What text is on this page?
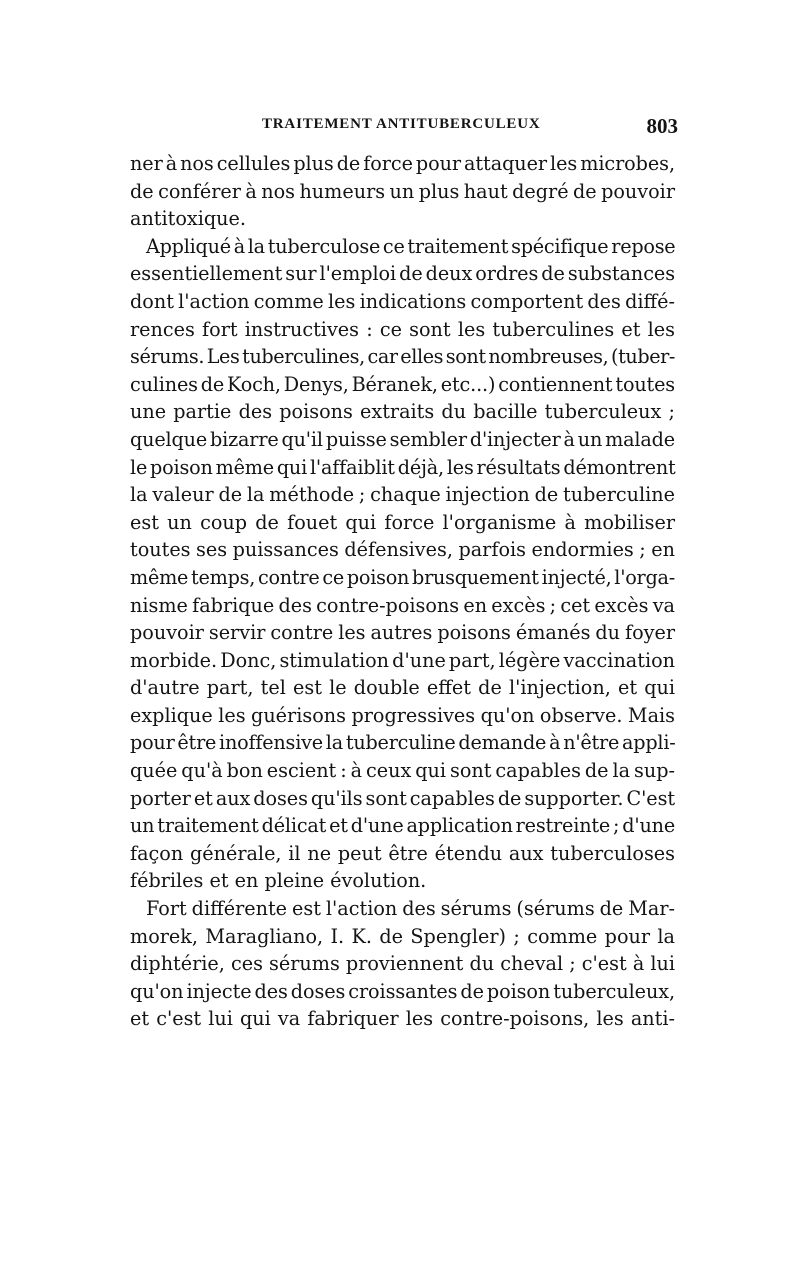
TRAITEMENT ANTITUBERCULEUX	803
ner à nos cellules plus de force pour attaquer les microbes,
de conférer à nos humeurs un plus haut degré de pouvoir
antitoxique.
Appliqué à la tuberculose ce traitement spécifique repose
essentiellement sur l'emploi de deux ordres de substances
dont l'action comme les indications comportent des diffé-
rences fort instructives : ce sont les tuberculines et les
sérums. Les tuberculines, car elles sont nombreuses, (tuber-
culines de Koch, Denys, Béranek, etc...) contiennent toutes
une partie des poisons extraits du bacille tuberculeux ;
quelque bizarre qu'il puisse sembler d'injecter à un malade
le poison même qui l'affaiblit déjà, les résultats démontrent
la valeur de la méthode ; chaque injection de tuberculine
est un coup de fouet qui force l'organisme à mobiliser
toutes ses puissances défensives, parfois endormies ; en
même temps, contre ce poison brusquement injecté, l'orga-
nisme fabrique des contre-poisons en excès ; cet excès va
pouvoir servir contre les autres poisons émanés du foyer
morbide. Donc, stimulation d'une part, légère vaccination
d'autre part, tel est le double effet de l'injection, et qui
explique les guérisons progressives qu'on observe. Mais
pour être inoffensive la tuberculine demande à n'être appli-
quée qu'à bon escient : à ceux qui sont capables de la sup-
porter et aux doses qu'ils sont capables de supporter. C'est
un traitement délicat et d'une application restreinte ; d'une
façon générale, il ne peut être étendu aux tuberculoses
fébriles et en pleine évolution.
Fort différente est l'action des sérums (sérums de Mar-
morek, Maragliano, I. K. de Spengler) ; comme pour la
diphtérie, ces sérums proviennent du cheval ; c'est à lui
qu'on injecte des doses croissantes de poison tuberculeux,
et c'est lui qui va fabriquer les contre-poisons, les anti-
